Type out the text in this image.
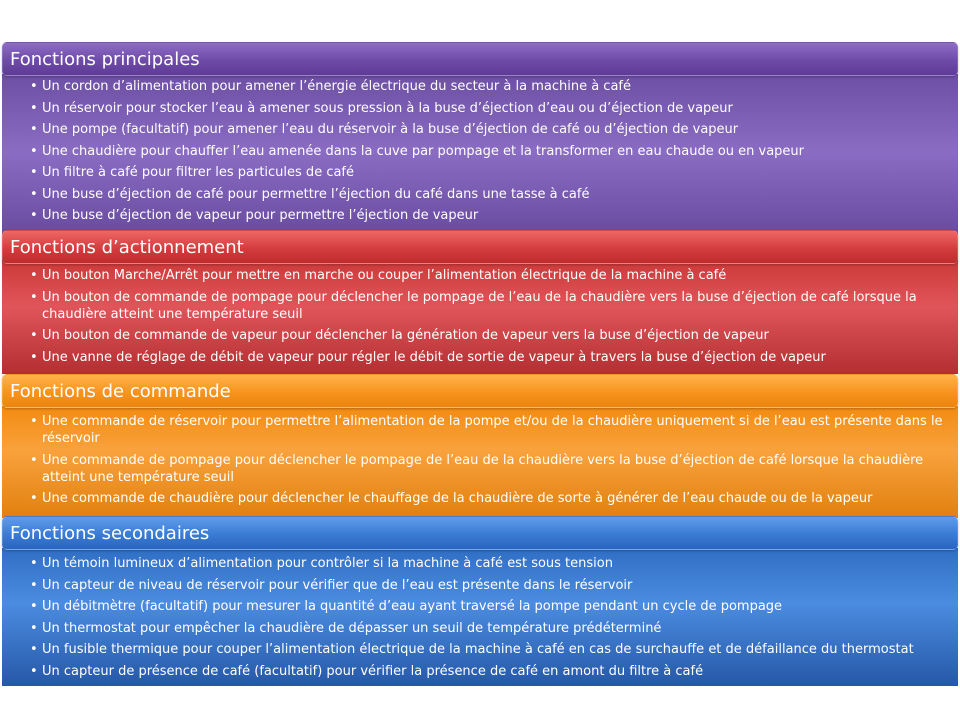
Fonctions principales
• Un cordon d’alimentation pour amener l’énergie électrique du secteur à la machine à café
• Un réservoir pour stocker l’eau à amener sous pression à la buse d’éjection d’eau ou d’éjection de vapeur
• Une pompe (facultatif) pour amener l’eau du réservoir à la buse d’éjection de café ou d’éjection de vapeur
• Une chaudière pour chauffer l’eau amenée dans la cuve par pompage et la transformer en eau chaude ou en vapeur
• Un filtre à café pour filtrer les particules de café
• Une buse d’éjection de café pour permettre l’éjection du café dans une tasse à café
• Une buse d’éjection de vapeur pour permettre l’éjection de vapeur
Fonctions d’actionnement
• Un bouton Marche/Arrêt pour mettre en marche ou couper l’alimentation électrique de la machine à café
• Un bouton de commande de pompage pour déclencher le pompage de l’eau de la chaudière vers la buse d’éjection de café lorsque la chaudière atteint une température seuil
• Un bouton de commande de vapeur pour déclencher la génération de vapeur vers la buse d’éjection de vapeur
• Une vanne de réglage de débit de vapeur pour régler le débit de sortie de vapeur à travers la buse d’éjection de vapeur
Fonctions de commande
• Une commande de réservoir pour permettre l’alimentation de la pompe et/ou de la chaudière uniquement si de l’eau est présente dans le réservoir
• Une commande de pompage pour déclencher le pompage de l’eau de la chaudière vers la buse d’éjection de café lorsque la chaudière atteint une température seuil
• Une commande de chaudière pour déclencher le chauffage de la chaudière de sorte à générer de l’eau chaude ou de la vapeur
Fonctions secondaires
• Un témoin lumineux d’alimentation pour contrôler si la machine à café est sous tension
• Un capteur de niveau de réservoir pour vérifier que de l’eau est présente dans le réservoir
• Un débitmètre (facultatif) pour mesurer la quantité d’eau ayant traversé la pompe pendant un cycle de pompage
• Un thermostat pour empêcher la chaudière de dépasser un seuil de température prédéterminé
• Un fusible thermique pour couper l’alimentation électrique de la machine à café en cas de surchauffe et de défaillance du thermostat
• Un capteur de présence de café (facultatif) pour vérifier la présence de café en amont du filtre à café
